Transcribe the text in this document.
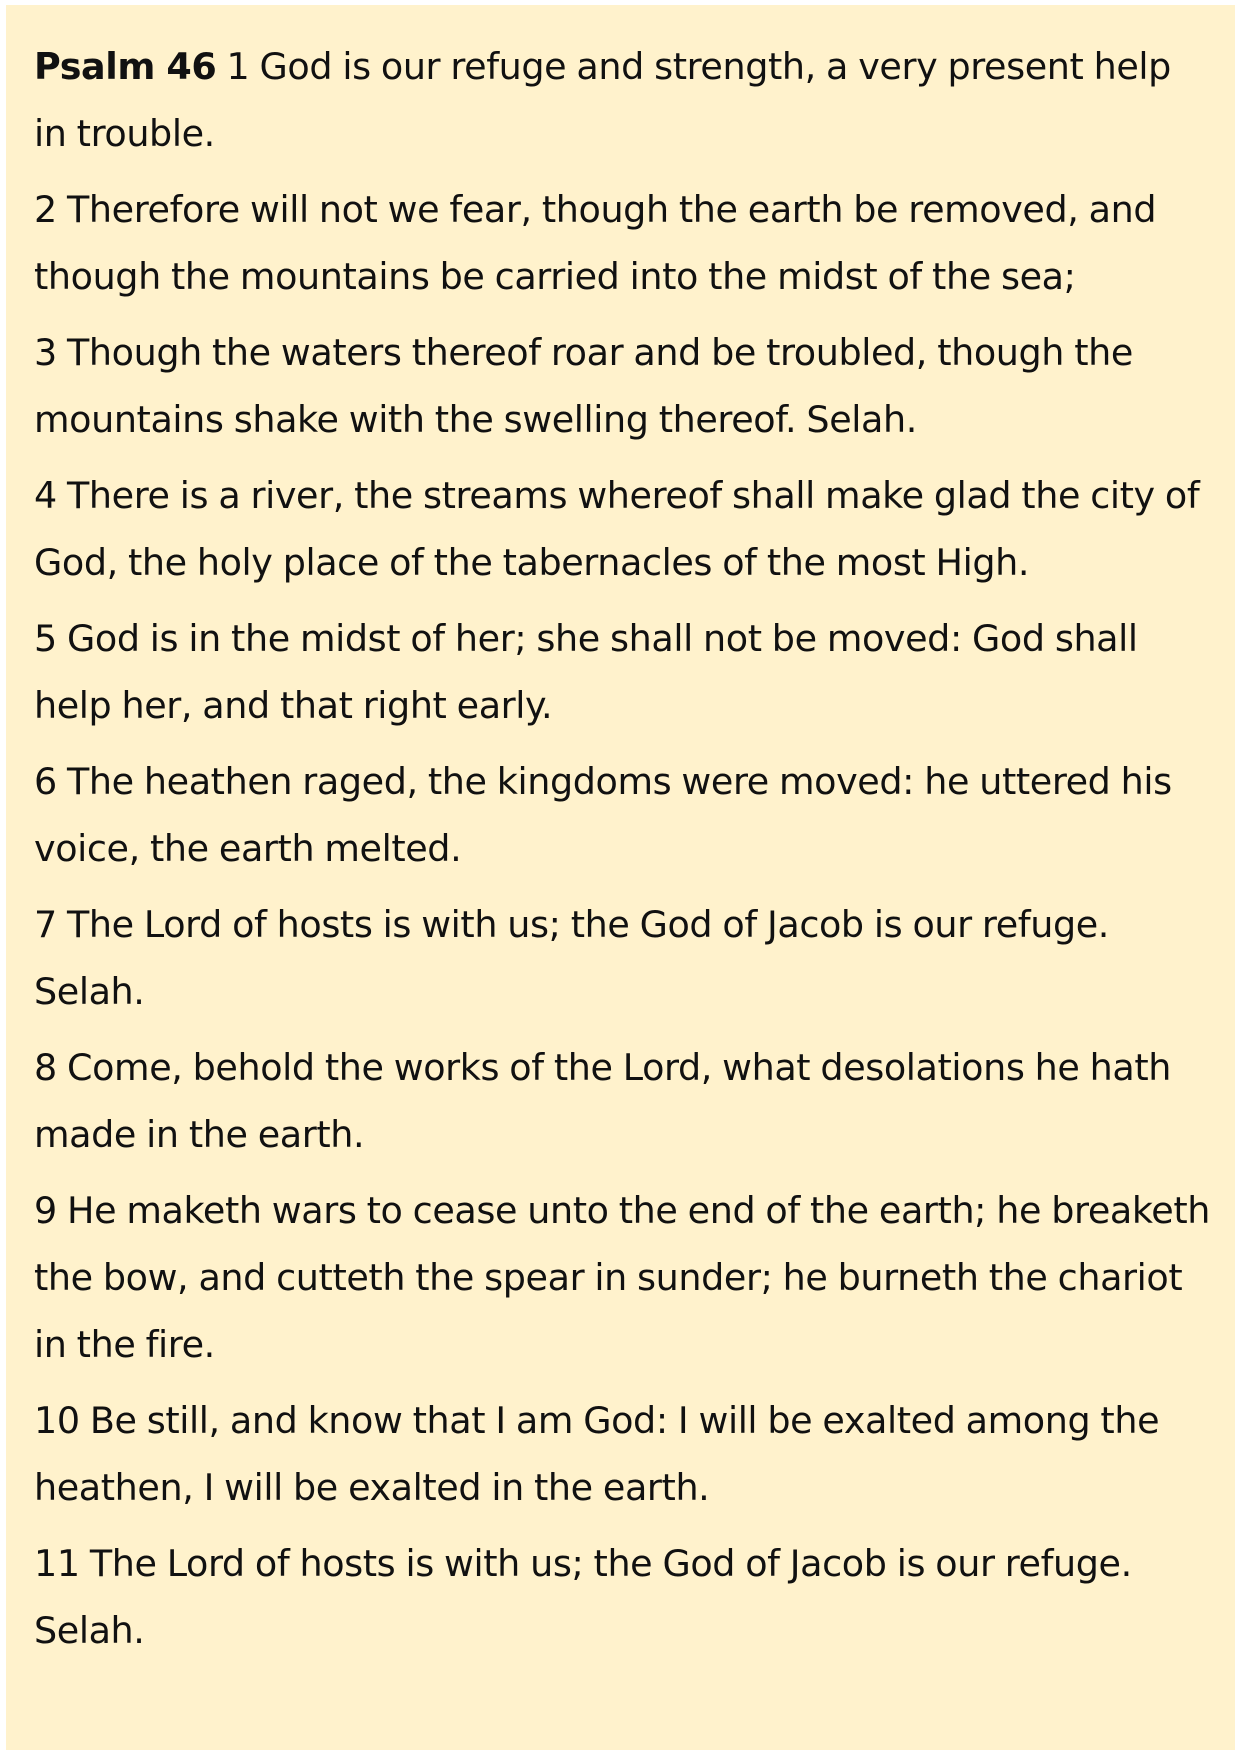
Psalm 46 1 God is our refuge and strength, a very present help in trouble.

2 Therefore will not we fear, though the earth be removed, and though the mountains be carried into the midst of the sea;

3 Though the waters thereof roar and be troubled, though the mountains shake with the swelling thereof. Selah.

4 There is a river, the streams whereof shall make glad the city of God, the holy place of the tabernacles of the most High.

5 God is in the midst of her; she shall not be moved: God shall help her, and that right early.

6 The heathen raged, the kingdoms were moved: he uttered his voice, the earth melted.

7 The Lord of hosts is with us; the God of Jacob is our refuge. Selah.

8 Come, behold the works of the Lord, what desolations he hath made in the earth.

9 He maketh wars to cease unto the end of the earth; he breaketh the bow, and cutteth the spear in sunder; he burneth the chariot in the fire.

10 Be still, and know that I am God: I will be exalted among the heathen, I will be exalted in the earth.

11 The Lord of hosts is with us; the God of Jacob is our refuge. Selah.
